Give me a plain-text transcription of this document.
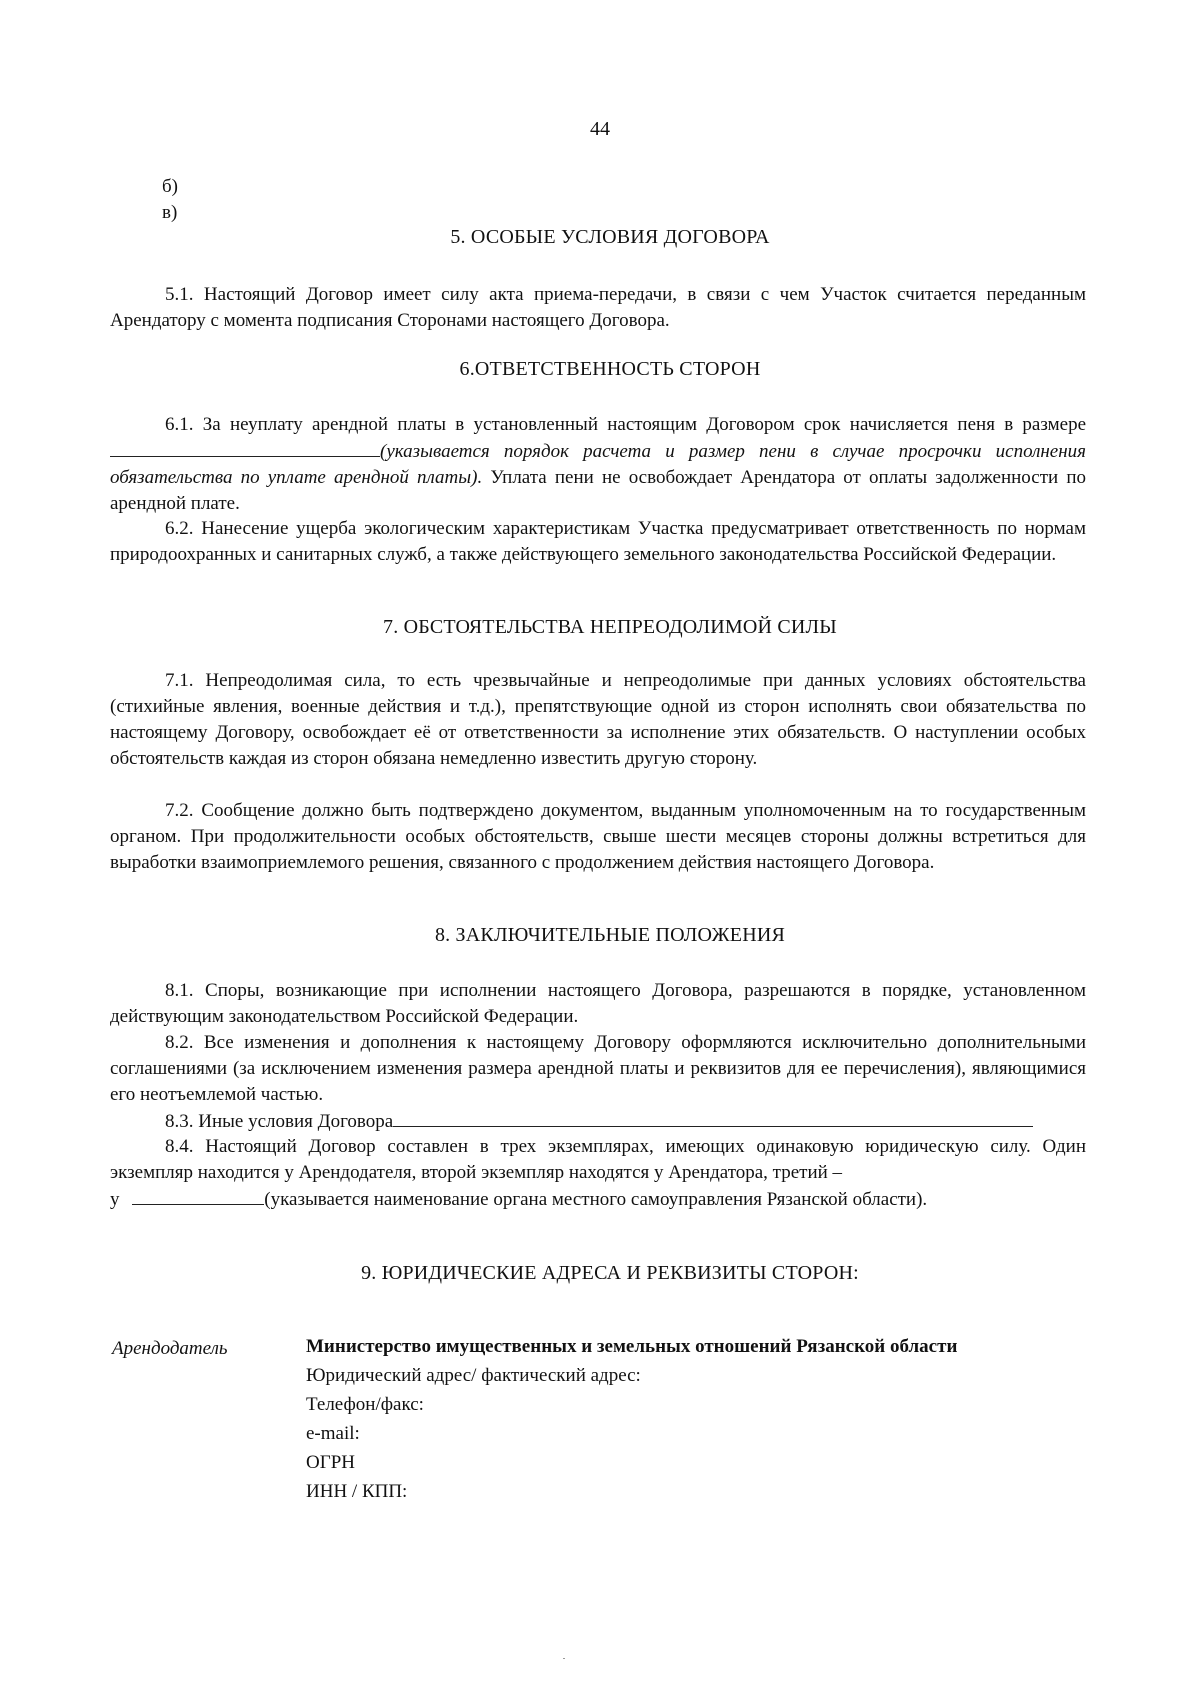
44
б)
в)
5. ОСОБЫЕ УСЛОВИЯ ДОГОВОРА
5.1. Настоящий Договор имеет силу акта приема-передачи, в связи с чем Участок считается переданным Арендатору с момента подписания Сторонами настоящего Договора.
6.ОТВЕТСТВЕННОСТЬ СТОРОН
6.1. За неуплату арендной платы в установленный настоящим Договором срок начисляется пеня в размере(указывается порядок расчета и размер пени в случае просрочки исполнения обязательства по уплате арендной платы). Уплата пени не освобождает Арендатора от оплаты задолженности по арендной плате.
6.2. Нанесение ущерба экологическим характеристикам Участка предусматривает ответственность по нормам природоохранных и санитарных служб, а также действующего земельного законодательства Российской Федерации.
7. ОБСТОЯТЕЛЬСТВА НЕПРЕОДОЛИМОЙ СИЛЫ
7.1. Непреодолимая сила, то есть чрезвычайные и непреодолимые при данных условиях обстоятельства (стихийные явления, военные действия и т.д.), препятствующие одной из сторон исполнять свои обязательства по настоящему Договору, освобождает её от ответственности за исполнение этих обязательств. О наступлении особых обстоятельств каждая из сторон обязана немедленно известить другую сторону.
7.2. Сообщение должно быть подтверждено документом, выданным уполномоченным на то государственным органом. При продолжительности особых обстоятельств, свыше шести месяцев стороны должны встретиться для выработки взаимоприемлемого решения, связанного с продолжением действия настоящего Договора.
8. ЗАКЛЮЧИТЕЛЬНЫЕ ПОЛОЖЕНИЯ
8.1. Споры, возникающие при исполнении настоящего Договора, разрешаются в порядке, установленном действующим законодательством Российской Федерации.
8.2. Все изменения и дополнения к настоящему Договору оформляются исключительно дополнительными соглашениями (за исключением изменения размера арендной платы и реквизитов для ее перечисления), являющимися его неотъемлемой частью.
8.3. Иные условия Договора
8.4. Настоящий Договор составлен в трех экземплярах, имеющих одинаковую юридическую силу. Один экземпляр находится у Арендодателя, второй экземпляр находятся у Арендатора, третий –
у	(указывается наименование органа местного самоуправления Рязанской области).
9. ЮРИДИЧЕСКИЕ АДРЕСА И РЕКВИЗИТЫ СТОРОН:
Арендодатель	Министерство имущественных и земельных отношений Рязанской области
Юридический адрес/ фактический адрес:
Телефон/факс:
e-mail:
ОГРН
ИНН / КПП:
